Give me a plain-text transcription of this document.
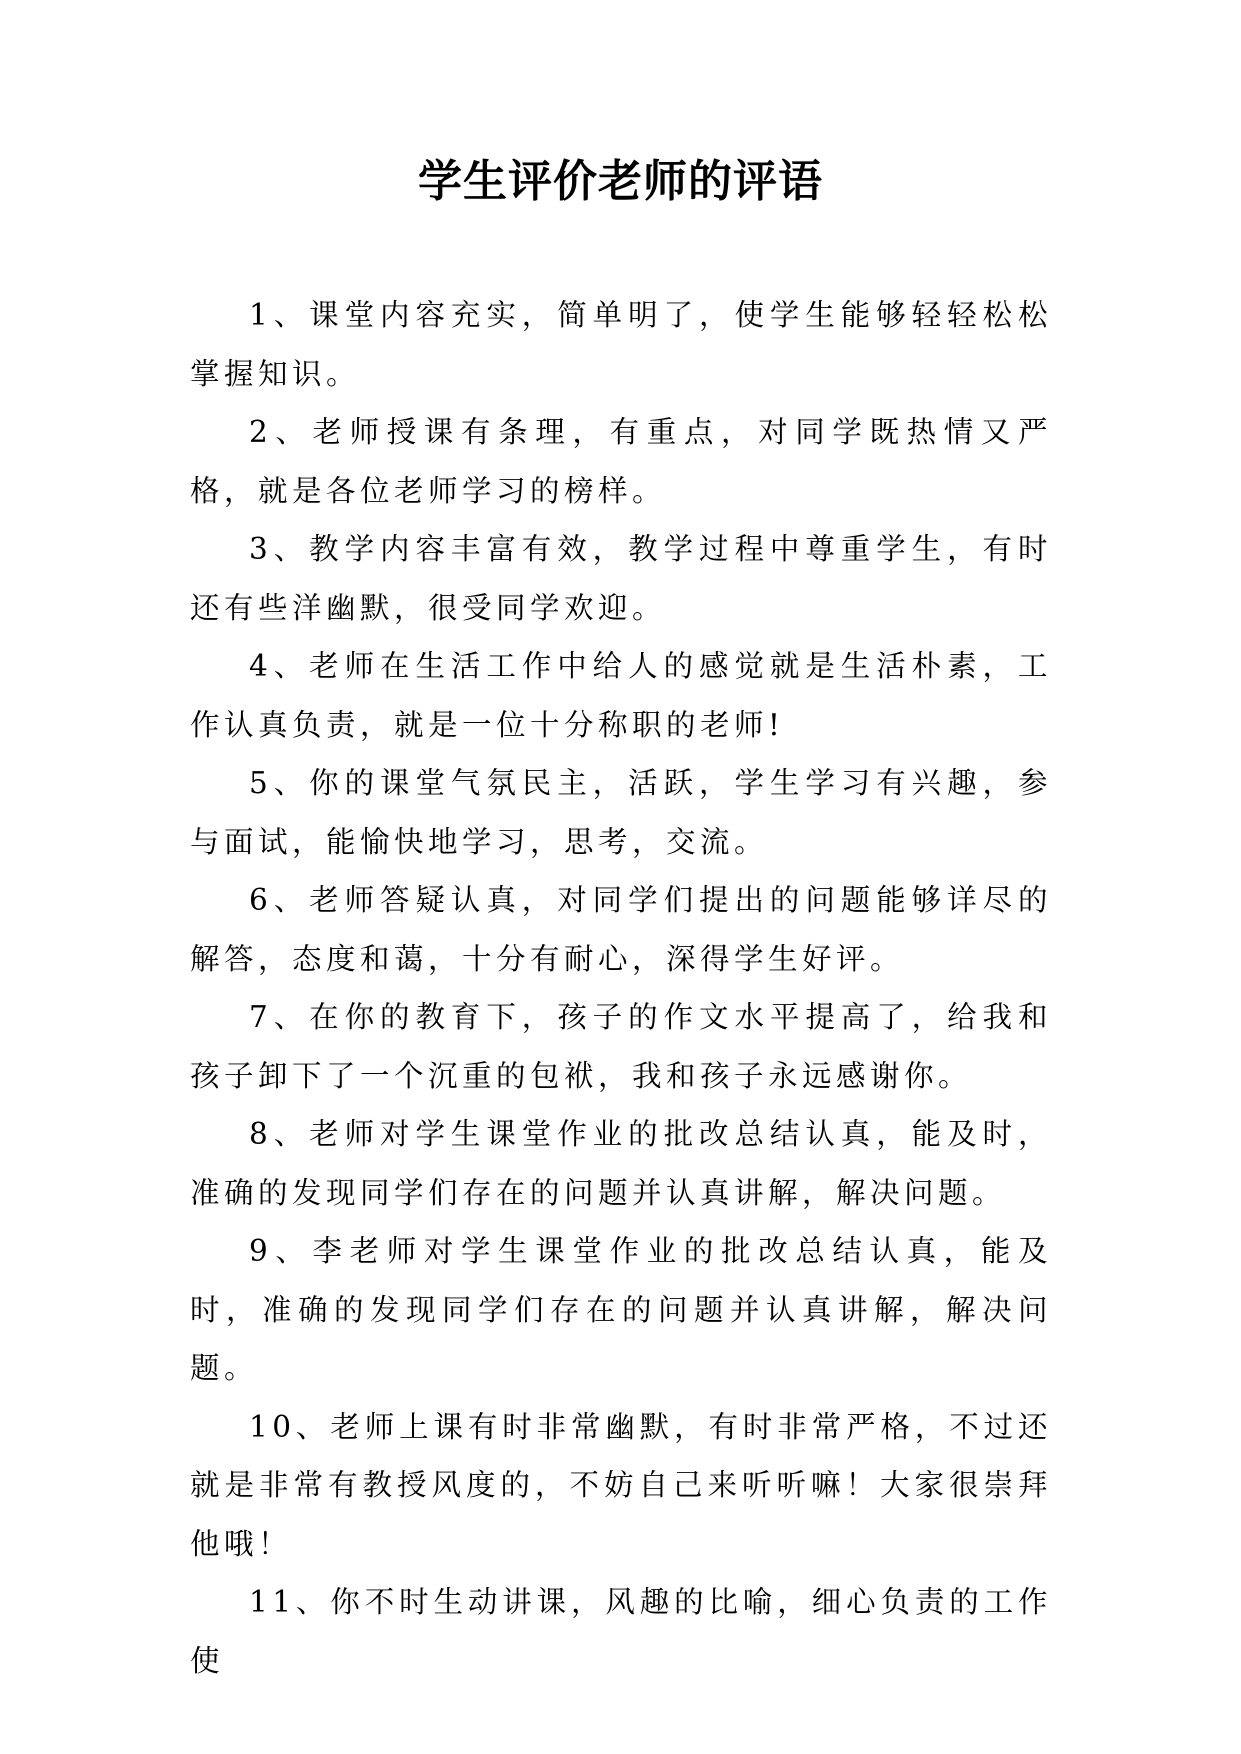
学生评价老师的评语

1、课堂内容充实，简单明了，使学生能够轻轻松松掌握知识。

2、老师授课有条理，有重点，对同学既热情又严格，就是各位老师学习的榜样。

3、教学内容丰富有效，教学过程中尊重学生，有时还有些洋幽默，很受同学欢迎。

4、老师在生活工作中给人的感觉就是生活朴素，工作认真负责，就是一位十分称职的老师!

5、你的课堂气氛民主，活跃，学生学习有兴趣，参与面试，能愉快地学习，思考，交流。

6、老师答疑认真，对同学们提出的问题能够详尽的解答，态度和蔼，十分有耐心，深得学生好评。

7、在你的教育下，孩子的作文水平提高了，给我和孩子卸下了一个沉重的包袱，我和孩子永远感谢你。

8、老师对学生课堂作业的批改总结认真，能及时，准确的发现同学们存在的问题并认真讲解，解决问题。

9、李老师对学生课堂作业的批改总结认真，能及时，准确的发现同学们存在的问题并认真讲解，解决问题。

10、老师上课有时非常幽默，有时非常严格，不过还就是非常有教授风度的，不妨自己来听听嘛！大家很崇拜他哦！

11、你不时生动讲课，风趣的比喻，细心负责的工作使
